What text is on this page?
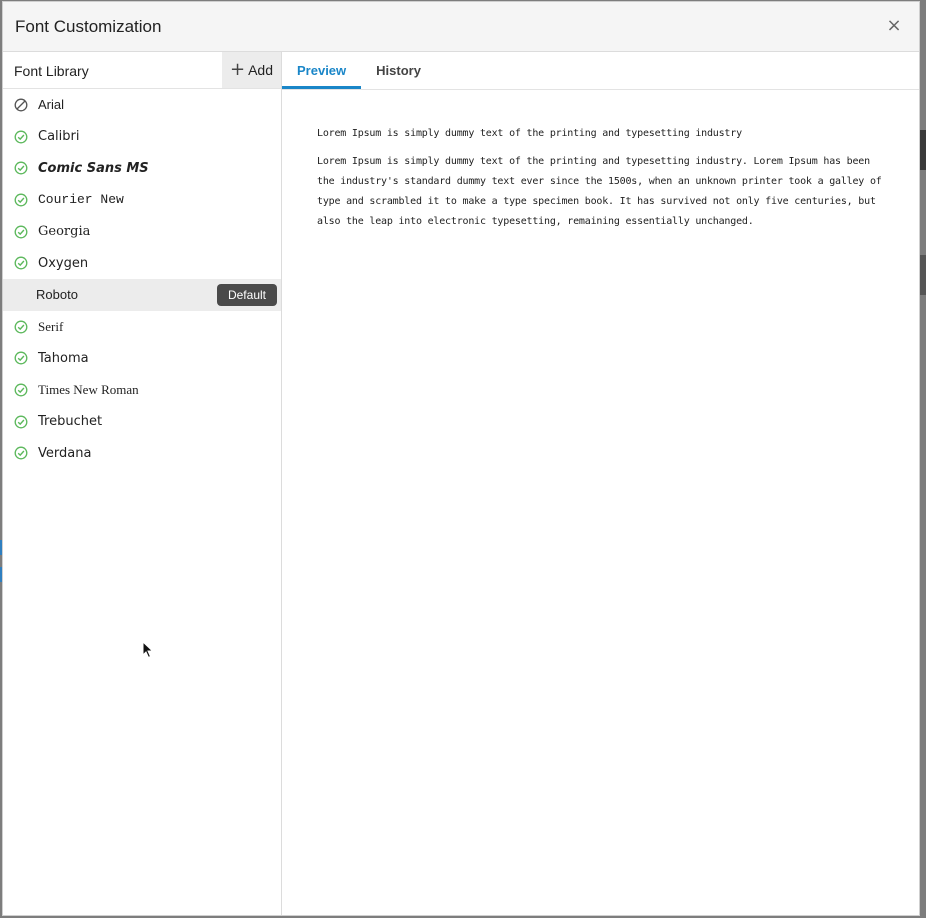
Font Customization	×
Font Library	+ Add
Arial
Calibri
Comic Sans MS
Courier New
Georgia
Oxygen
Roboto	Default
Serif
Tahoma
Times New Roman
Trebuchet
Verdana
Preview	History

Lorem Ipsum is simply dummy text of the printing and typesetting industry

Lorem Ipsum is simply dummy text of the printing and typesetting industry. Lorem Ipsum has been the industry's standard dummy text ever since the 1500s, when an unknown printer took a galley of type and scrambled it to make a type specimen book. It has survived not only five centuries, but also the leap into electronic typesetting, remaining essentially unchanged.
